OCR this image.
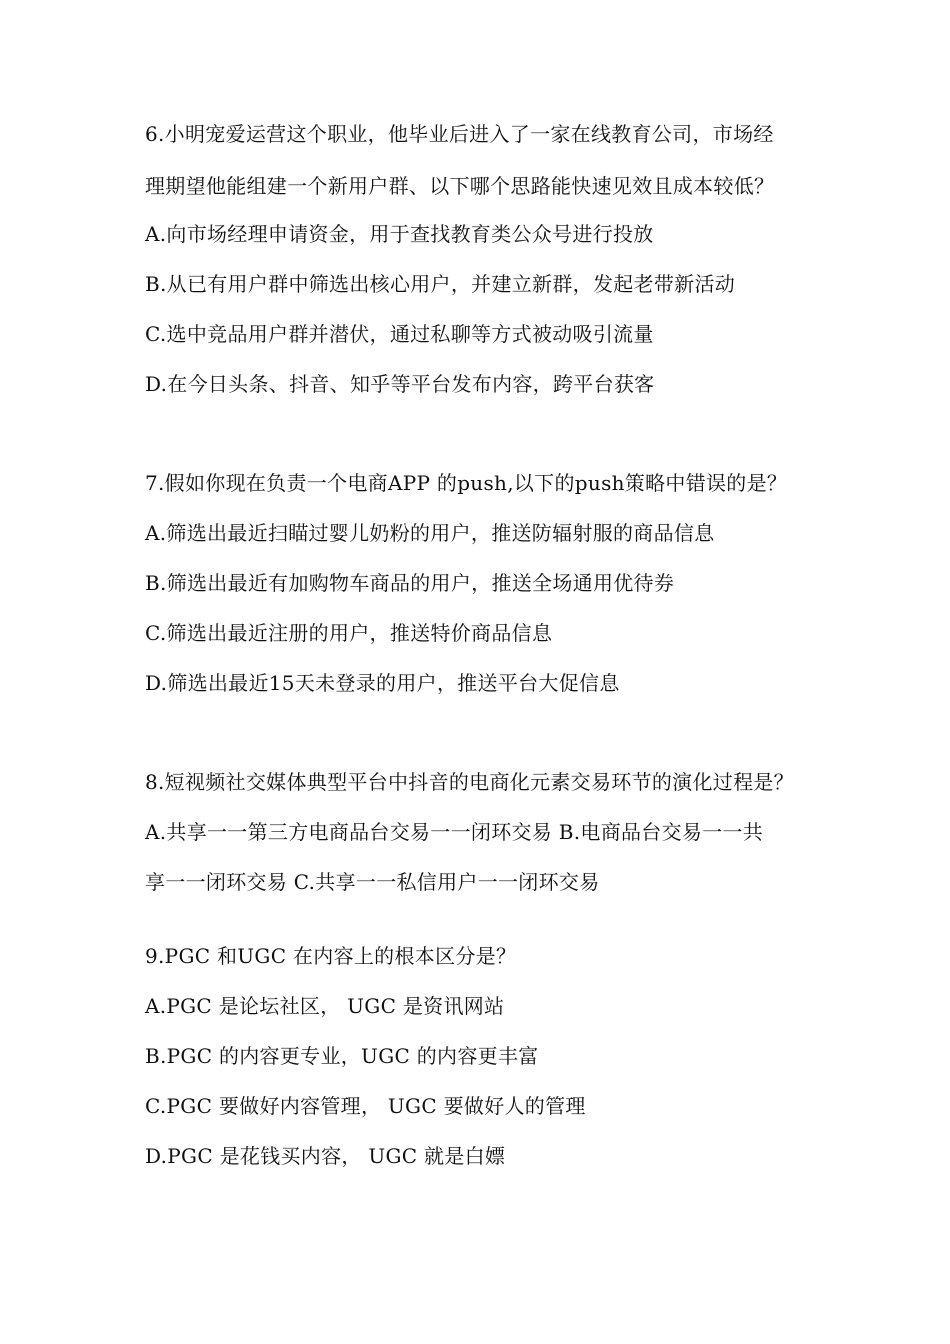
6.小明宠爱运营这个职业，他毕业后进入了一家在线教育公司，市场经
理期望他能组建一个新用户群、以下哪个思路能快速见效且成本较低？
A.向市场经理申请资金，用于查找教育类公众号进行投放
B.从已有用户群中筛选出核心用户，并建立新群，发起老带新活动
C.选中竞品用户群并潜伏，通过私聊等方式被动吸引流量
D.在今日头条、抖音、知乎等平台发布内容，跨平台获客
7.假如你现在负责一个电商APP 的push,以下的push策略中错误的是？
A.筛选出最近扫瞄过婴儿奶粉的用户，推送防辐射服的商品信息
B.筛选出最近有加购物车商品的用户，推送全场通用优待券
C.筛选出最近注册的用户，推送特价商品信息
D.筛选出最近15天未登录的用户，推送平台大促信息
8.短视频社交媒体典型平台中抖音的电商化元素交易环节的演化过程是？
A.共享一一第三方电商品台交易一一闭环交易 B.电商品台交易一一共
享一一闭环交易 C.共享一一私信用户一一闭环交易
9.PGC 和UGC 在内容上的根本区分是？
A.PGC 是论坛社区， UGC 是资讯网站
B.PGC 的内容更专业，UGC 的内容更丰富
C.PGC 要做好内容管理， UGC 要做好人的管理
D.PGC 是花钱买内容， UGC 就是白嫖
